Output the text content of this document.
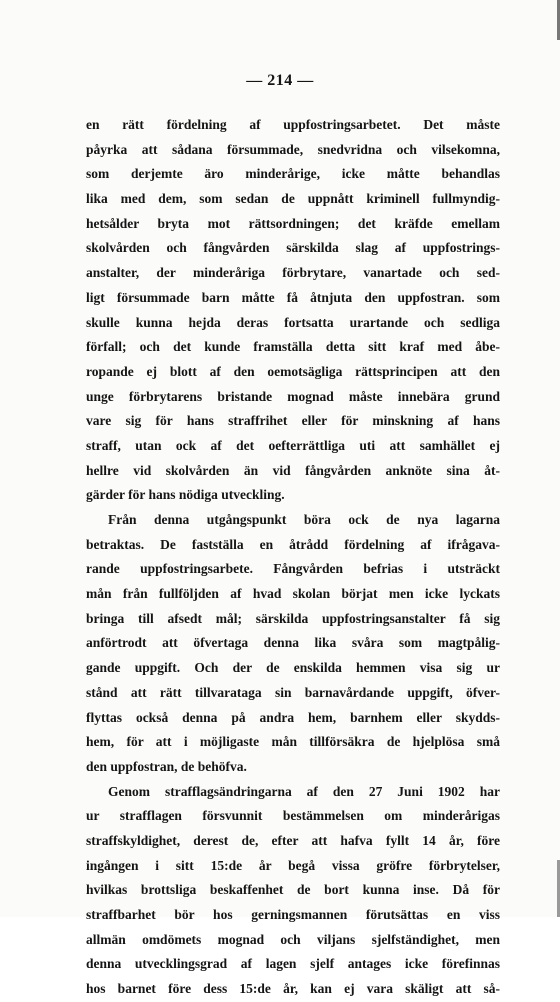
— 214 —
en rätt fördelning af uppfostringsarbetet. Det måste
påyrka att sådana försummade, snedvridna och vilsekomna,
som derjemte äro minderårige, icke måtte behandlas
lika med dem, som sedan de uppnått kriminell fullmyndig-
hetsålder bryta mot rättsordningen; det kräfde emellam
skolvården och fångvården särskilda slag af uppfostrings-
anstalter, der minderåriga förbrytare, vanartade och sed-
ligt försummade barn måtte få åtnjuta den uppfostran. som
skulle kunna hejda deras fortsatta urartande och sedliga
förfall; och det kunde framställa detta sitt kraf med åbe-
ropande ej blott af den oemotsägliga rättsprincipen att den
unge förbrytarens bristande mognad måste innebära grund
vare sig för hans straffrihet eller för minskning af hans
straff, utan ock af det oefterrättliga uti att samhället ej
hellre vid skolvården än vid fångvården anknöte sina åt-
gärder för hans nödiga utveckling.
Från denna utgångspunkt böra ock de nya lagarna
betraktas. De fastställa en åtrådd fördelning af ifrågava-
rande uppfostringsarbete. Fångvården befrias i utsträckt
mån från fullföljden af hvad skolan börjat men icke lyckats
bringa till afsedt mål; särskilda uppfostringsanstalter få sig
anförtrodt att öfvertaga denna lika svåra som magtpålig-
gande uppgift. Och der de enskilda hemmen visa sig ur
stånd att rätt tillvarataga sin barnavårdande uppgift, öfver-
flyttas också denna på andra hem, barnhem eller skydds-
hem, för att i möjligaste mån tillförsäkra de hjelplösa små
den uppfostran, de behöfva.
Genom strafflagsändringarna af den 27 Juni 1902 har
ur strafflagen försvunnit bestämmelsen om minderårigas
straffskyldighet, derest de, efter att hafva fyllt 14 år, före
ingången i sitt 15:de år begå vissa gröfre förbrytelser,
hvilkas brottsliga beskaffenhet de bort kunna inse. Då för
straffbarhet bör hos gerningsmannen förutsättas en viss
allmän omdömets mognad och viljans sjelfständighet, men
denna utvecklingsgrad af lagen sjelf antages icke förefinnas
hos barnet före dess 15:de år, kan ej vara skäligt att så-
